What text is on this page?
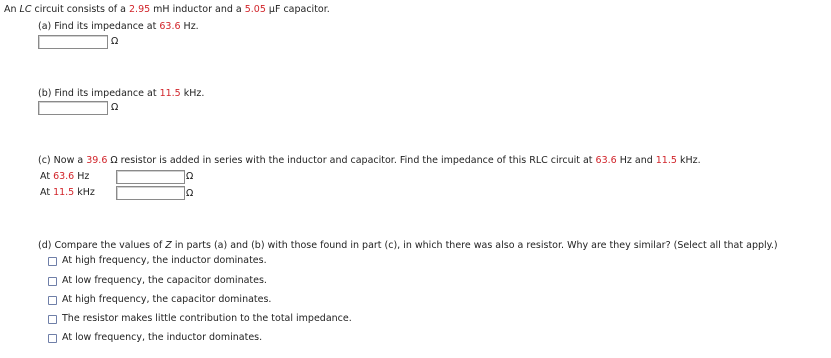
An LC circuit consists of a 2.95 mH inductor and a 5.05 µF capacitor.
(a) Find its impedance at 63.6 Hz.
Ω
(b) Find its impedance at 11.5 kHz.
Ω
(c) Now a 39.6 Ω resistor is added in series with the inductor and capacitor. Find the impedance of this RLC circuit at 63.6 Hz and 11.5 kHz.
At 63.6 Hz	Ω
At 11.5 kHz	Ω
(d) Compare the values of Z in parts (a) and (b) with those found in part (c), in which there was also a resistor. Why are they similar? (Select all that apply.)
At high frequency, the inductor dominates.
At low frequency, the capacitor dominates.
At high frequency, the capacitor dominates.
The resistor makes little contribution to the total impedance.
At low frequency, the inductor dominates.
